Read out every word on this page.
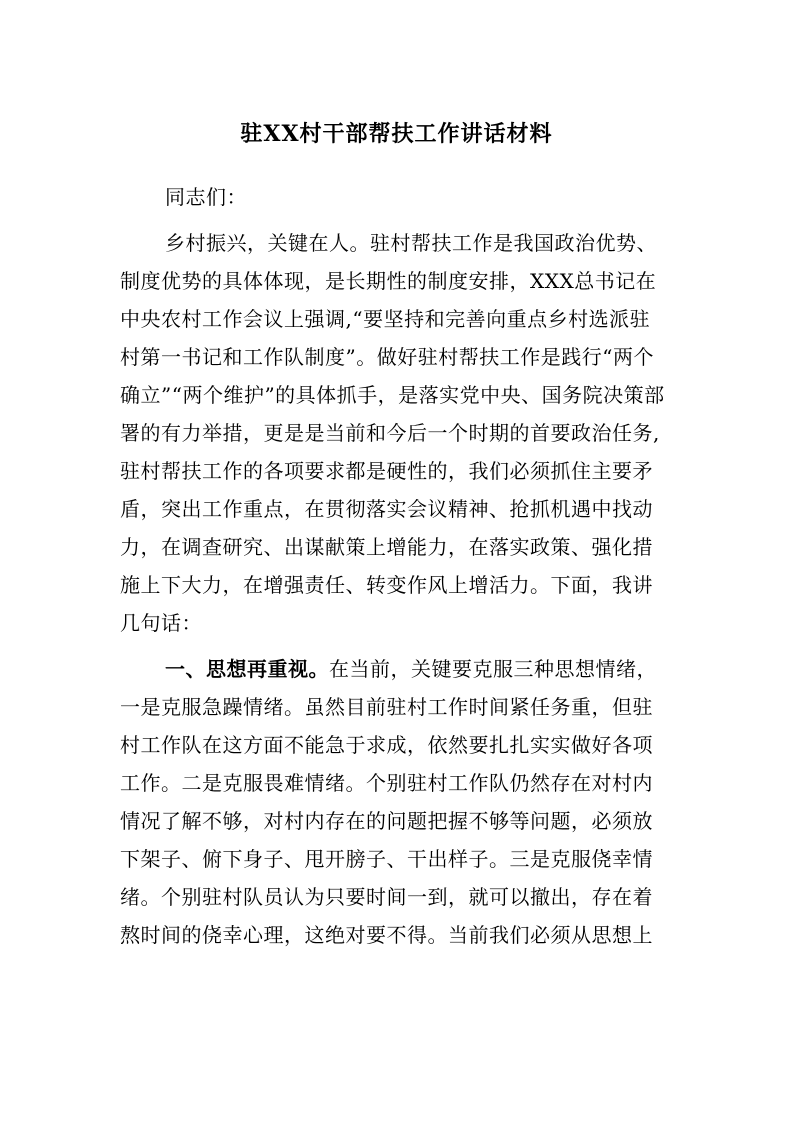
驻XX村干部帮扶工作讲话材料
同志们：
乡村振兴，关键在人。驻村帮扶工作是我国政治优势、
制度优势的具体体现，是长期性的制度安排，XXX总书记在
中央农村工作会议上强调,“要坚持和完善向重点乡村选派驻
村第一书记和工作队制度”。做好驻村帮扶工作是践行“两个
确立”“两个维护”的具体抓手，是落实党中央、国务院决策部
署的有力举措，更是是当前和今后一个时期的首要政治任务,
驻村帮扶工作的各项要求都是硬性的，我们必须抓住主要矛
盾，突出工作重点，在贯彻落实会议精神、抢抓机遇中找动
力，在调查研究、出谋献策上增能力，在落实政策、强化措
施上下大力，在增强责任、转变作风上增活力。下面，我讲
几句话：
一、思想再重视。在当前，关键要克服三种思想情绪，
一是克服急躁情绪。虽然目前驻村工作时间紧任务重，但驻
村工作队在这方面不能急于求成，依然要扎扎实实做好各项
工作。二是克服畏难情绪。个别驻村工作队仍然存在对村内
情况了解不够，对村内存在的问题把握不够等问题，必须放
下架子、俯下身子、甩开膀子、干出样子。三是克服侥幸情
绪。个别驻村队员认为只要时间一到，就可以撤出，存在着
熬时间的侥幸心理，这绝对要不得。当前我们必须从思想上
